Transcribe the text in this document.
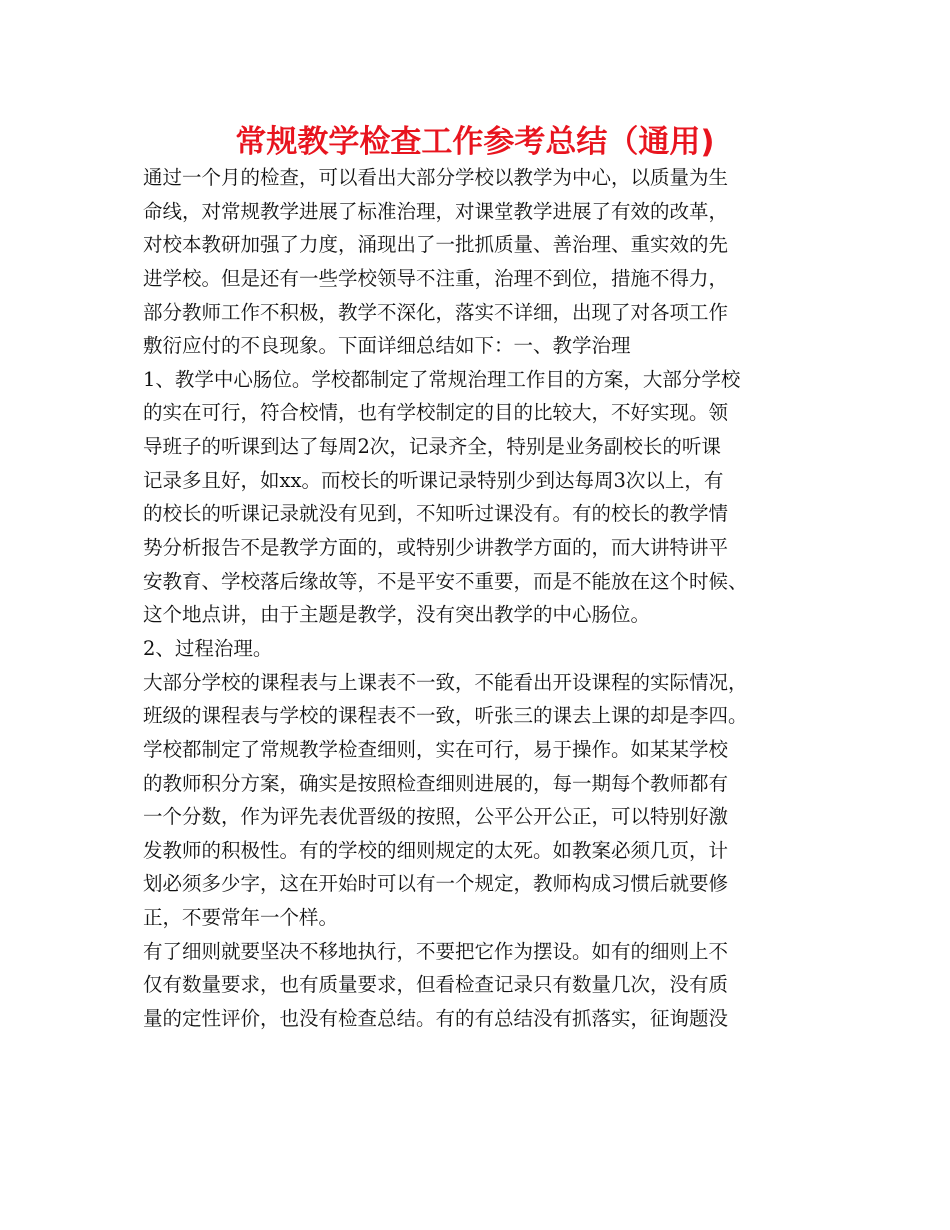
常规教学检查工作参考总结（通用)
通过一个月的检查，可以看出大部分学校以教学为中心，以质量为生
命线，对常规教学进展了标准治理，对课堂教学进展了有效的改革，
对校本教研加强了力度，涌现出了一批抓质量、善治理、重实效的先
进学校。但是还有一些学校领导不注重，治理不到位，措施不得力，
部分教师工作不积极，教学不深化，落实不详细，出现了对各项工作
敷衍应付的不良现象。下面详细总结如下：一、教学治理
1、教学中心肠位。学校都制定了常规治理工作目的方案，大部分学校
的实在可行，符合校情，也有学校制定的目的比较大，不好实现。领
导班子的听课到达了每周2次，记录齐全，特别是业务副校长的听课
记录多且好，如xx。而校长的听课记录特别少到达每周3次以上，有
的校长的听课记录就没有见到，不知听过课没有。有的校长的教学情
势分析报告不是教学方面的，或特别少讲教学方面的，而大讲特讲平
安教育、学校落后缘故等，不是平安不重要，而是不能放在这个时候、
这个地点讲，由于主题是教学，没有突出教学的中心肠位。
2、过程治理。
大部分学校的课程表与上课表不一致，不能看出开设课程的实际情况，
班级的课程表与学校的课程表不一致，听张三的课去上课的却是李四。
学校都制定了常规教学检查细则，实在可行，易于操作。如某某学校
的教师积分方案，确实是按照检查细则进展的，每一期每个教师都有
一个分数，作为评先表优晋级的按照，公平公开公正，可以特别好激
发教师的积极性。有的学校的细则规定的太死。如教案必须几页，计
划必须多少字，这在开始时可以有一个规定，教师构成习惯后就要修
正，不要常年一个样。
有了细则就要坚决不移地执行，不要把它作为摆设。如有的细则上不
仅有数量要求，也有质量要求，但看检查记录只有数量几次，没有质
量的定性评价，也没有检查总结。有的有总结没有抓落实，征询题没
